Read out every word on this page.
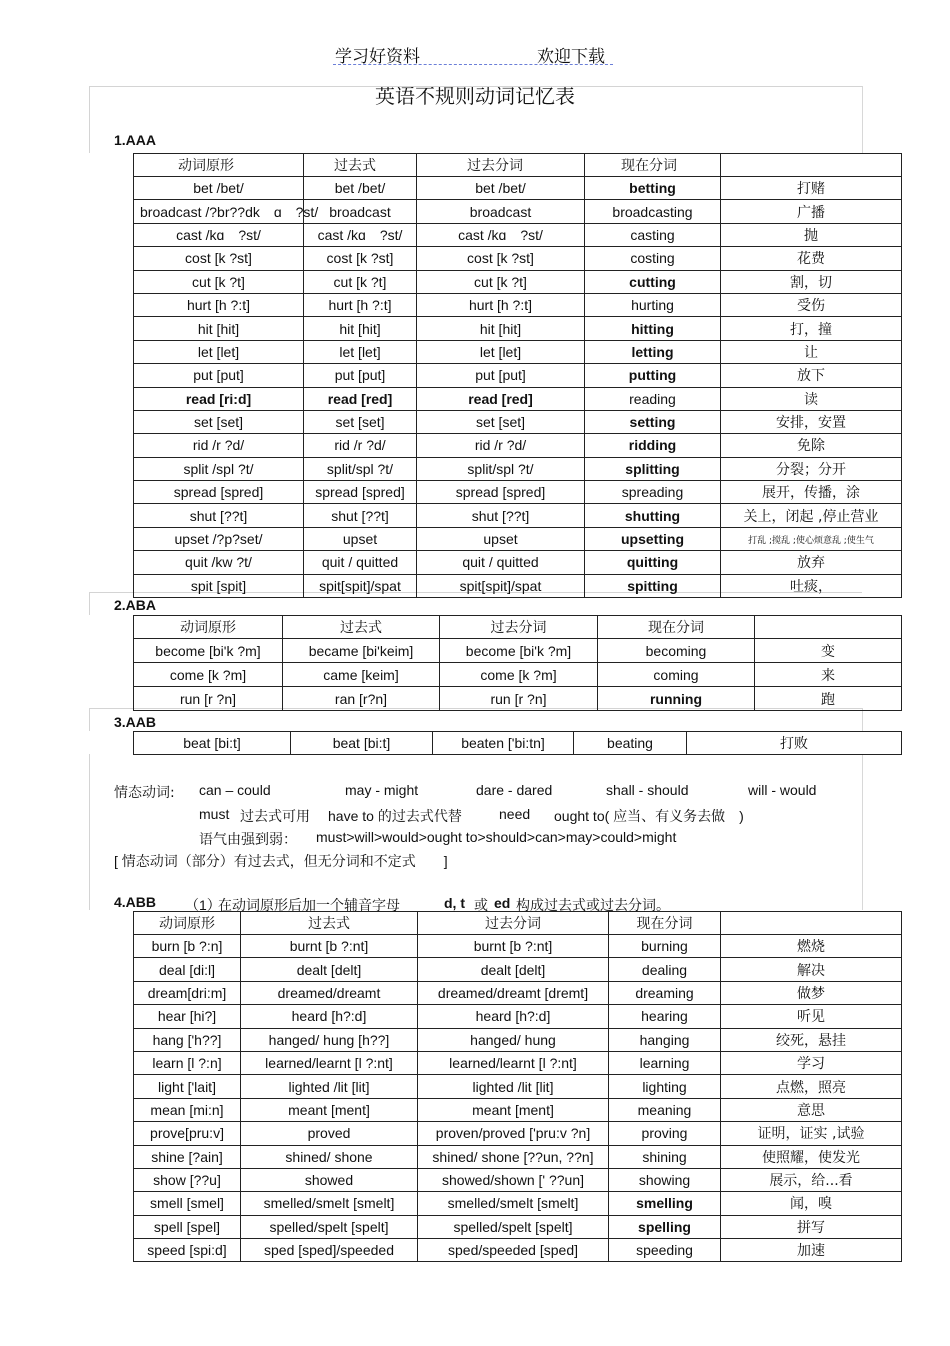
学习好资料	欢迎下载
英语不规则动词记忆表
1.AAA
2.ABA
3.AAB
4.ABB
动词原形	过去式	过去分词	现在分词	
bet /bet/	bet /bet/	bet /bet/	betting	打赌
broadcast /?br??dk　ɑ　?st/	broadcast	broadcast	broadcasting	广播
cast /kɑ　?st/	cast /kɑ　?st/	cast /kɑ　?st/	casting	抛
cost [k ?st]	cost [k ?st]	cost [k ?st]	costing	花费
cut [k ?t]	cut [k ?t]	cut [k ?t]	cutting	割，切
hurt [h ?:t]	hurt [h ?:t]	hurt [h ?:t]	hurting	受伤
hit [hit]	hit [hit]	hit [hit]	hitting	打，撞
let [let]	let [let]	let [let]	letting	让
put [put]	put [put]	put [put]	putting	放下
read [ri:d]	read [red]	read [red]	reading	读
set [set]	set [set]	set [set]	setting	安排，安置
rid /r ?d/	rid /r ?d/	rid /r ?d/	ridding	免除
split /spl ?t/	split/spl ?t/	split/spl ?t/	splitting	分裂；分开
spread [spred]	spread [spred]	spread [spred]	spreading	展开，传播，涂
shut [??t]	shut [??t]	shut [??t]	shutting	关上，闭起 ,停止营业
upset /?p?set/	upset	upset	upsetting	打乱 ;搅乱 ;使心烦意乱 ;使生气
quit /kw ?t/	quit / quitted	quit / quitted	quitting	放弃
spit [spit]	spit[spit]/spat	spit[spit]/spat	spitting	吐痰，
动词原形	过去式	过去分词	现在分词	
become [bi'k ?m]	became [bi'keim]	become [bi'k ?m]	becoming	变
come [k ?m]	came [keim]	come [k ?m]	coming	来
run [r ?n]	ran [r?n]	run [r ?n]	running	跑
beat [bi:t]	beat [bi:t]	beaten ['bi:tn]	beating	打败
情态动词: can – could	may - might	dare - dared	shall - should	will - would
must 过去式可用 have to 的过去式代替	need ought to( 应当、有义务去做　)
语气由强到弱： must>will>would>ought to>should>can>may>could>might
[ 情态动词（部分）有过去式，但无分词和不定式　　]
（1）
在动词原形后加一个辅音字母	d, t 或 ed 构成过去式或过去分词。
动词原形	过去式	过去分词	现在分词	
burn [b ?:n]	burnt [b ?:nt]	burnt [b ?:nt]	burning	燃烧
deal [di:l]	dealt [delt]	dealt [delt]	dealing	解决
dream[dri:m]	dreamed/dreamt	dreamed/dreamt [dremt]	dreaming	做梦
hear [hi?]	heard [h?:d]	heard [h?:d]	hearing	听见
hang ['h??]	hanged/ hung [h??]	hanged/ hung	hanging	绞死，悬挂
learn [l ?:n]	learned/learnt [l ?:nt]	learned/learnt [l ?:nt]	learning	学习
light ['lait]	lighted /lit [lit]	lighted /lit [lit]	lighting	点燃，照亮
mean [mi:n]	meant [ment]	meant [ment]	meaning	意思
prove[pru:v]	proved	proven/proved ['pru:v ?n]	proving	证明，证实 ,试验
shine [?ain]	shined/ shone	shined/ shone [??un, ??n]	shining	使照耀，使发光
show [??u]	showed	showed/shown [' ??un]	showing	展示，给...看
smell [smel]	smelled/smelt [smelt]	smelled/smelt [smelt]	smelling	闻，嗅
spell [spel]	spelled/spelt [spelt]	spelled/spelt [spelt]	spelling	拼写
speed [spi:d]	sped [sped]/speeded	sped/speeded [sped]	speeding	加速
